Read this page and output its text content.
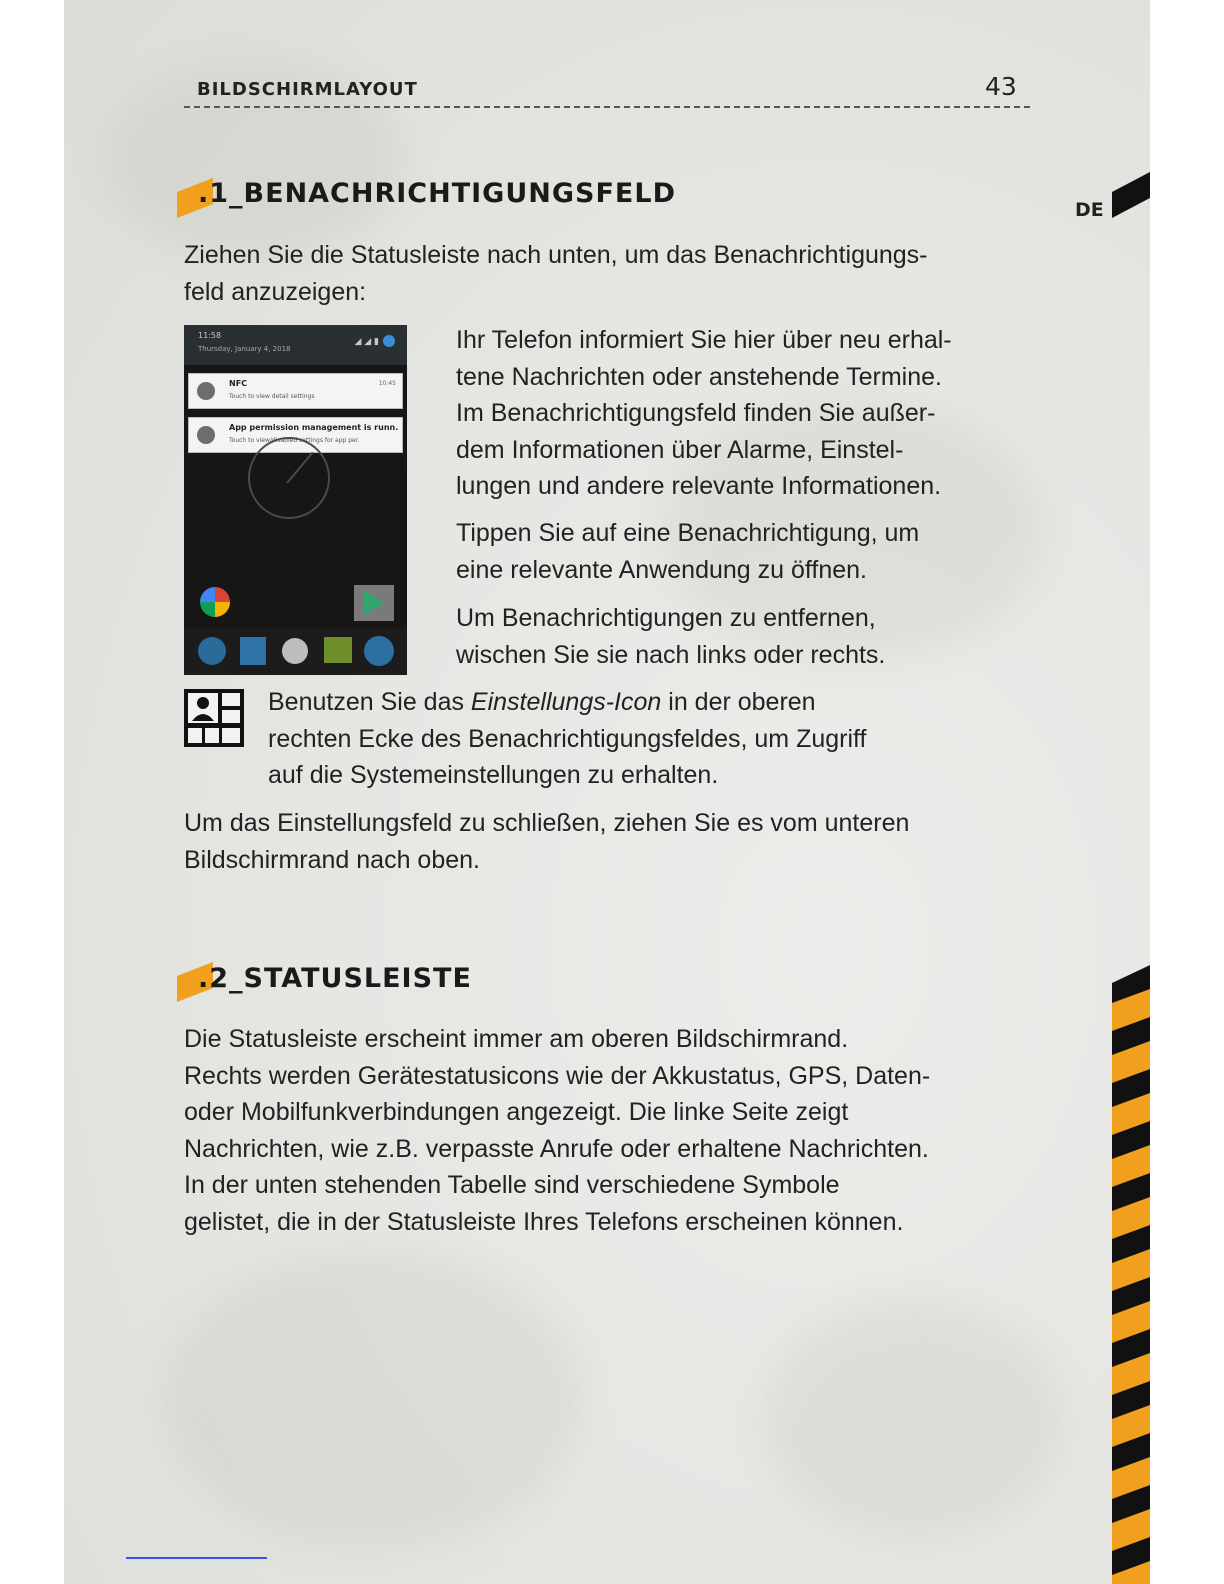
BILDSCHIRMLAYOUT	43
DE
.1_BENACHRICHTIGUNGSFELD

Ziehen Sie die Statusleiste nach unten, um das Benachrichtigungs-
feld anzuzeigen:

11:58
Thursday, January 4, 2018
◢ ◢ ▮
NFC
Touch to view detail settings
10:45
App permission management is runn.
Touch to view/disabled settings for app per.

Ihr Telefon informiert Sie hier über neu erhal-
tene Nachrichten oder anstehende Termine.
Im Benachrichtigungsfeld finden Sie außer-
dem Informationen über Alarme, Einstel-
lungen und andere relevante Informationen.

Tippen Sie auf eine Benachrichtigung, um
eine relevante Anwendung zu öffnen.

Um Benachrichtigungen zu entfernen,
wischen Sie sie nach links oder rechts.

Benutzen Sie das Einstellungs-Icon in der oberen
rechten Ecke des Benachrichtigungsfeldes, um Zugriff
auf die Systemeinstellungen zu erhalten.

Um das Einstellungsfeld zu schließen, ziehen Sie es vom unteren
Bildschirmrand nach oben.

.2_STATUSLEISTE

Die Statusleiste erscheint immer am oberen Bildschirmrand.
Rechts werden Gerätestatusicons wie der Akkustatus, GPS, Daten-
oder Mobilfunkverbindungen angezeigt. Die linke Seite zeigt
Nachrichten, wie z.B. verpasste Anrufe oder erhaltene Nachrichten.
In der unten stehenden Tabelle sind verschiedene Symbole
gelistet, die in der Statusleiste Ihres Telefons erscheinen können.
